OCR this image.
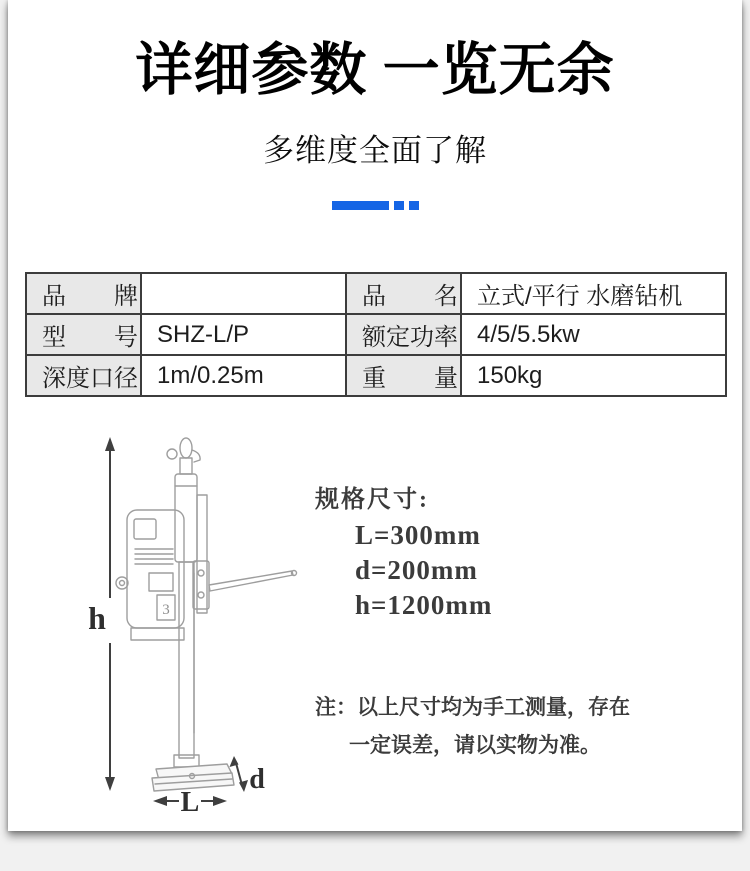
详细参数 一览无余
多维度全面了解
品　　牌		品　　名	立式/平行 水磨钻机
型　　号	SHZ-L/P	额定功率	4/5/5.5kw
深度口径	1m/0.25m	重　　量	150kg
h	3
d
L
规格尺寸:
L=300mm
d=200mm
h=1200mm
注：以上尺寸均为手工测量，存在
一定误差，请以实物为准。
